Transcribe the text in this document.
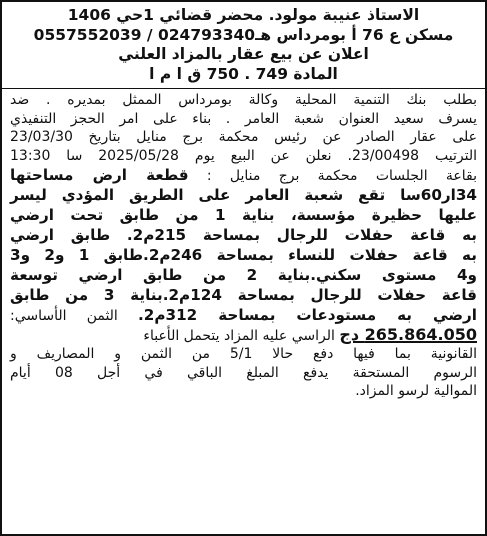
الاستاذ عنيبة مولود. محضر قضائي 1حي 1406
مسكن ع 76 أ بومرداس هـ024793340 / 0557552039
اعلان عن بيع عقار بالمزاد العلني
المادة 749 . 750 ق ا م ا
بطلب بنك التنمية المحلية وكالة بومرداس الممثل بمديره . ضد
يسرف سعيد العنوان شعبة العامر . بناء على امر الحجز التنفيذي
على عقار الصادر عن رئيس محكمة برج منايل بتاريخ 23/03/30
الترتيب 23/00498. نعلن عن البيع يوم 2025/05/28 سا 13:30
بقاعة الجلسات محكمة برج منايل : قطعة ارض مساحتها
34ار60سا تقع شعبة العامر على الطريق المؤدي ليسر
عليها حظيرة مؤسسة، بناية 1 من طابق تحت ارضي
به قاعة حفلات للرجال بمساحة 215م2. طابق ارضي
به قاعة حفلات للنساء بمساحة 246م2.طابق 1 و2 و3
و4 مستوى سكني.بناية 2 من طابق ارضي توسعة
قاعة حفلات للرجال بمساحة 124م2.بناية 3 من طابق
ارضي به مستودعات بمساحة 312م2. الثمن الأساسي:
265.864.050 دج الراسي عليه المزاد يتحمل الأعباء
القانونية بما فيها دفع حالا 5/1 من الثمن و المصاريف و
الرسوم المستحقة يدفع المبلغ الباقي في أجل 08 أيام
الموالية لرسو المزاد.
